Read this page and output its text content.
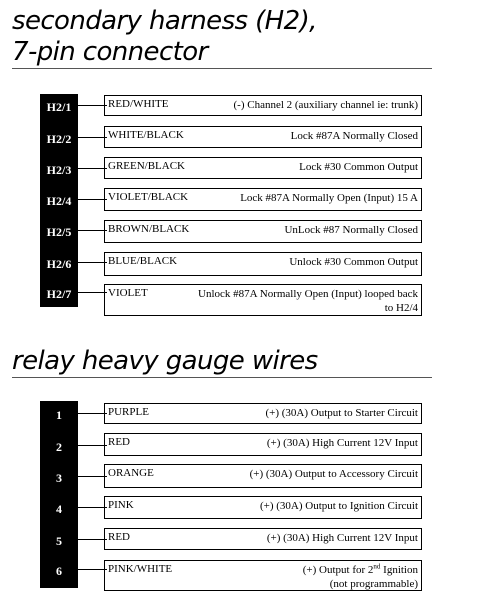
secondary harness (H2),
7-pin connector
H2/1	RED/WHITE	(-) Channel 2 (auxiliary channel ie: trunk)
H2/2	WHITE/BLACK	Lock #87A Normally Closed
H2/3	GREEN/BLACK	Lock #30 Common Output
H2/4	VIOLET/BLACK	Lock #87A Normally Open (Input) 15 A
H2/5	BROWN/BLACK	UnLock #87 Normally Closed
H2/6	BLUE/BLACK	Unlock #30 Common Output
H2/7	VIOLET	Unlock #87A Normally Open (Input) looped back
to H2/4
relay heavy gauge wires
1	PURPLE	(+) (30A) Output to Starter Circuit
2	RED	(+) (30A) High Current 12V Input
3	ORANGE	(+) (30A) Output to Accessory Circuit
4	PINK	(+) (30A) Output to Ignition Circuit
5	RED	(+) (30A) High Current 12V Input
6	PINK/WHITE	(+) Output for 2nd Ignition
(not programmable)
